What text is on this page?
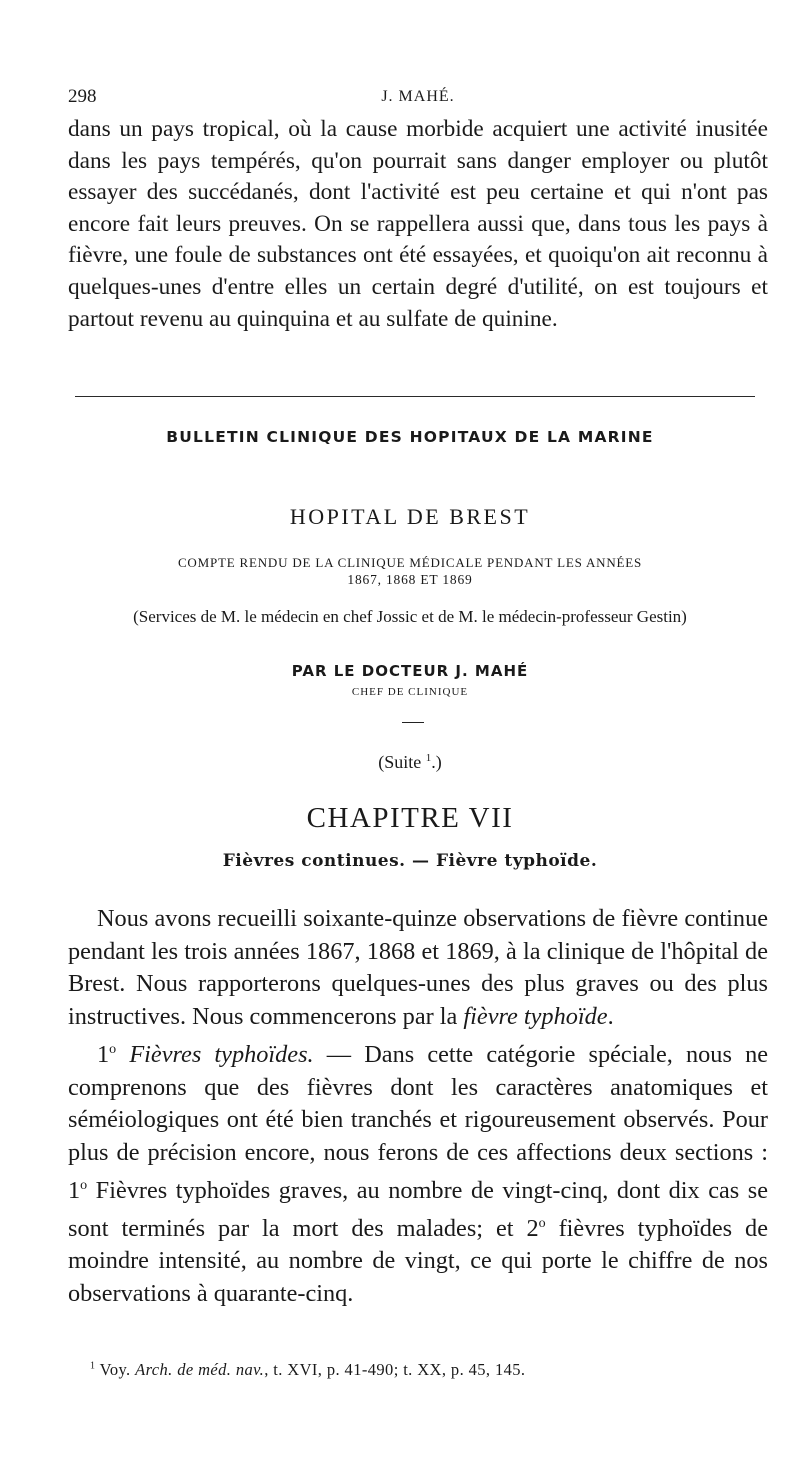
298	J. MAHÉ.
dans un pays tropical, où la cause morbide acquiert une activité inusitée dans les pays tempérés, qu'on pourrait sans danger employer ou plutôt essayer des succédanés, dont l'activité est peu certaine et qui n'ont pas encore fait leurs preuves. On se rappellera aussi que, dans tous les pays à fièvre, une foule de substances ont été essayées, et quoiqu'on ait reconnu à quelques-unes d'entre elles un certain degré d'utilité, on est toujours et partout revenu au quinquina et au sulfate de quinine.
BULLETIN CLINIQUE DES HOPITAUX DE LA MARINE
HOPITAL DE BREST
COMPTE RENDU DE LA CLINIQUE MÉDICALE PENDANT LES ANNÉES
1867, 1868 ET 1869
(Services de M. le médecin en chef Jossic et de M. le médecin-professeur Gestin)
PAR LE DOCTEUR J. MAHÉ
CHEF DE CLINIQUE
(Suite $^1$.)
CHAPITRE VII
Fièvres continues. — Fièvre typhoïde.

Nous avons recueilli soixante-quinze observations de fièvre continue pendant les trois années 1867, 1868 et 1869, à la clinique de l'hôpital de Brest. Nous rapporterons quelques-unes des plus graves ou des plus instructives. Nous commencerons par la fièvre typhoïde.

1$^o$ Fièvres typhoïdes. — Dans cette catégorie spéciale, nous ne comprenons que des fièvres dont les caractères anatomiques et séméiologiques ont été bien tranchés et rigoureusement observés. Pour plus de précision encore, nous ferons de ces affections deux sections : 1$^o$ Fièvres typhoïdes graves, au nombre de vingt-cinq, dont dix cas se sont terminés par la mort des malades; et 2$^o$ fièvres typhoïdes de moindre intensité, au nombre de vingt, ce qui porte le chiffre de nos observations à quarante-cinq.

$^1$ Voy. Arch. de méd. nav., t. XVI, p. 41-490; t. XX, p. 45, 145.
